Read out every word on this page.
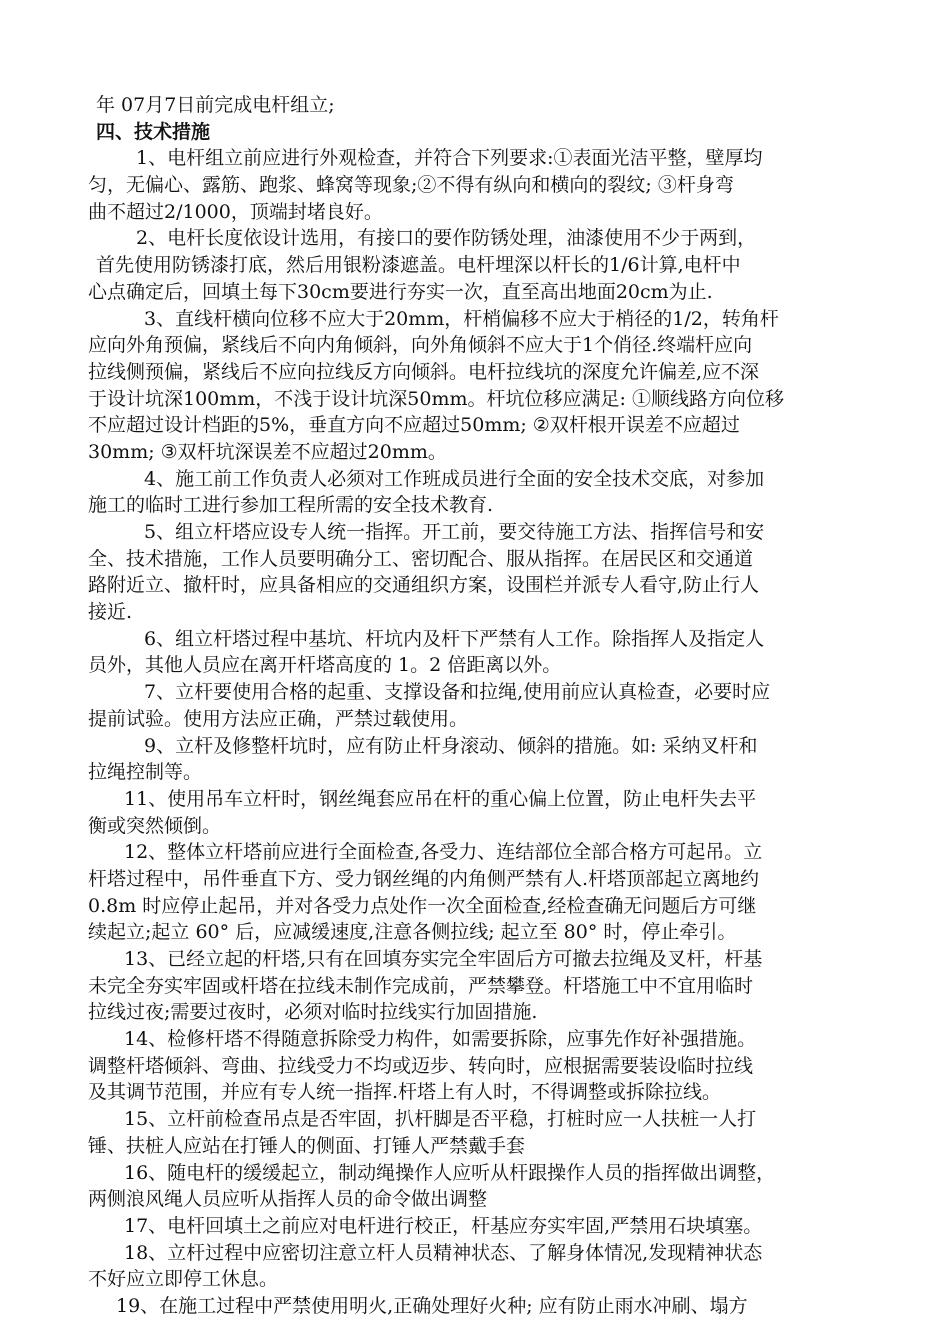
年 07月7日前完成电杆组立;
四、技术措施
1、电杆组立前应进行外观检查，并符合下列要求:①表面光洁平整，壁厚均
匀，无偏心、露筋、跑浆、蜂窝等现象;②不得有纵向和横向的裂纹; ③杆身弯
曲不超过2/1000，顶端封堵良好。
2、电杆长度依设计选用，有接口的要作防锈处理，油漆使用不少于两到，
首先使用防锈漆打底，然后用银粉漆遮盖。电杆埋深以杆长的1/6计算,电杆中
心点确定后，回填土每下30cm要进行夯实一次，直至高出地面20cm为止.
3、直线杆横向位移不应大于20mm，杆梢偏移不应大于梢径的1/2，转角杆
应向外角预偏，紧线后不向内角倾斜，向外角倾斜不应大于1个俏径.终端杆应向
拉线侧预偏，紧线后不应向拉线反方向倾斜。电杆拉线坑的深度允许偏差,应不深
于设计坑深100mm，不浅于设计坑深50mm。杆坑位移应满足: ①顺线路方向位移
不应超过设计档距的5%，垂直方向不应超过50mm; ②双杆根开误差不应超过
30mm; ③双杆坑深误差不应超过20mm。
4、施工前工作负责人必须对工作班成员进行全面的安全技术交底，对参加
施工的临时工进行参加工程所需的安全技术教育.
5、组立杆塔应设专人统一指挥。开工前，要交待施工方法、指挥信号和安
全、技术措施，工作人员要明确分工、密切配合、服从指挥。在居民区和交通道
路附近立、撤杆时，应具备相应的交通组织方案，设围栏并派专人看守,防止行人
接近.
6、组立杆塔过程中基坑、杆坑内及杆下严禁有人工作。除指挥人及指定人
员外，其他人员应在离开杆塔高度的 1。2 倍距离以外。
7、立杆要使用合格的起重、支撑设备和拉绳,使用前应认真检查，必要时应
提前试验。使用方法应正确，严禁过载使用。
9、立杆及修整杆坑时，应有防止杆身滚动、倾斜的措施。如: 采纳叉杆和
拉绳控制等。
11、使用吊车立杆时，钢丝绳套应吊在杆的重心偏上位置，防止电杆失去平
衡或突然倾倒。
12、整体立杆塔前应进行全面检查,各受力、连结部位全部合格方可起吊。立
杆塔过程中，吊件垂直下方、受力钢丝绳的内角侧严禁有人.杆塔顶部起立离地约
0.8m 时应停止起吊，并对各受力点处作一次全面检查,经检查确无问题后方可继
续起立;起立 60° 后，应减缓速度,注意各侧拉线; 起立至 80° 时，停止牵引。
13、已经立起的杆塔,只有在回填夯实完全牢固后方可撤去拉绳及叉杆，杆基
未完全夯实牢固或杆塔在拉线未制作完成前，严禁攀登。杆塔施工中不宜用临时
拉线过夜;需要过夜时，必须对临时拉线实行加固措施.
14、检修杆塔不得随意拆除受力构件，如需要拆除，应事先作好补强措施。
调整杆塔倾斜、弯曲、拉线受力不均或迈步、转向时，应根据需要装设临时拉线
及其调节范围，并应有专人统一指挥.杆塔上有人时，不得调整或拆除拉线。
15、立杆前检查吊点是否牢固，扒杆脚是否平稳，打桩时应一人扶桩一人打
锤、扶桩人应站在打锤人的侧面、打锤人严禁戴手套
16、随电杆的缓缓起立，制动绳操作人应听从杆跟操作人员的指挥做出调整，
两侧浪风绳人员应听从指挥人员的命令做出调整
17、电杆回填土之前应对电杆进行校正，杆基应夯实牢固,严禁用石块填塞。
18、立杆过程中应密切注意立杆人员精神状态、了解身体情况,发现精神状态
不好应立即停工休息。
19、在施工过程中严禁使用明火,正确处理好火种; 应有防止雨水冲刷、塌方
